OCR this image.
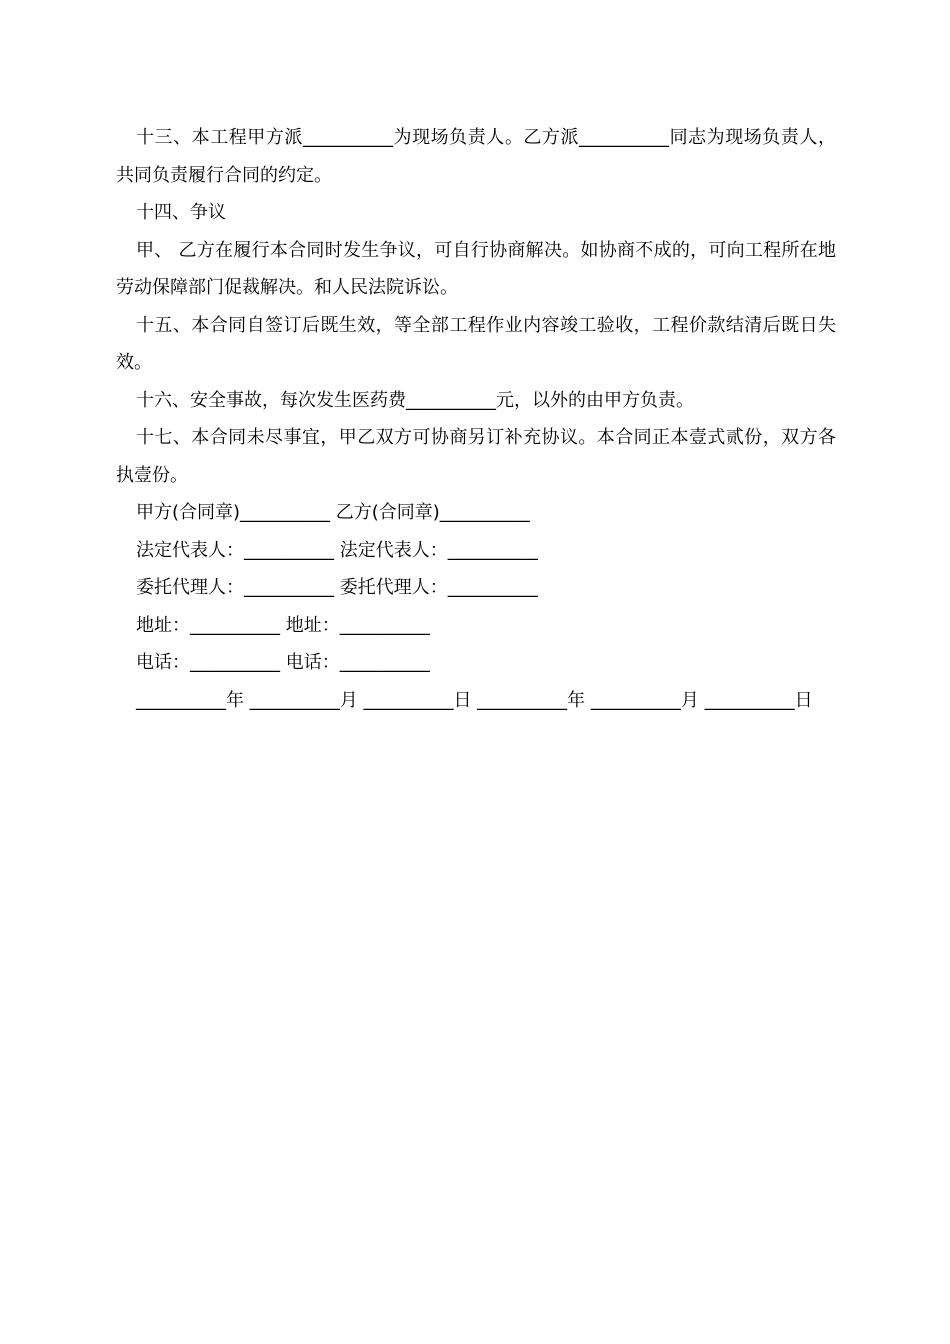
十三、本工程甲方派__________为现场负责人。乙方派__________同志为现场负责人，共同负责履行合同的约定。

十四、争议

甲、 乙方在履行本合同时发生争议，可自行协商解决。如协商不成的，可向工程所在地劳动保障部门促裁解决。和人民法院诉讼。

十五、本合同自签订后既生效，等全部工程作业内容竣工验收，工程价款结清后既日失效。

十六、安全事故，每次发生医药费__________元，以外的由甲方负责。

十七、本合同未尽事宜，甲乙双方可协商另订补充协议。本合同正本壹式贰份，双方各执壹份。

甲方(合同章)__________ 乙方(合同章)__________

法定代表人：__________ 法定代表人：__________

委托代理人：__________ 委托代理人：__________

地址：__________ 地址：__________

电话：__________ 电话：__________

__________年 __________月 __________日 __________年 __________月 __________日
